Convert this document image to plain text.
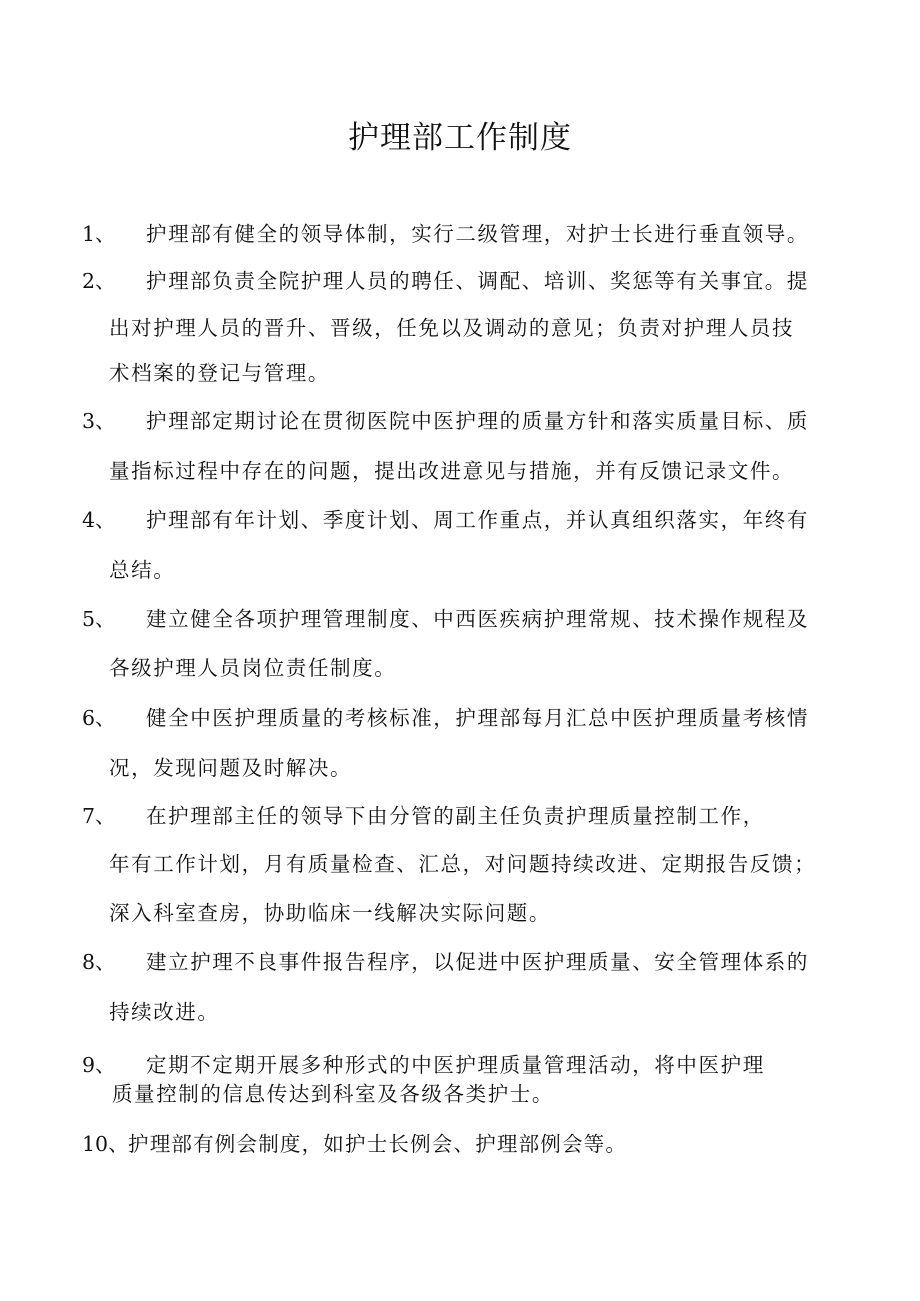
护理部工作制度
1、 护理部有健全的领导体制，实行二级管理，对护士长进行垂直领导。
2、 护理部负责全院护理人员的聘任、调配、培训、奖惩等有关事宜。提
出对护理人员的晋升、晋级，任免以及调动的意见；负责对护理人员技
术档案的登记与管理。
3、 护理部定期讨论在贯彻医院中医护理的质量方针和落实质量目标、质
量指标过程中存在的问题，提出改进意见与措施，并有反馈记录文件。
4、 护理部有年计划、季度计划、周工作重点，并认真组织落实，年终有
总结。
5、 建立健全各项护理管理制度、中西医疾病护理常规、技术操作规程及
各级护理人员岗位责任制度。
6、 健全中医护理质量的考核标准，护理部每月汇总中医护理质量考核情
况，发现问题及时解决。
7、 在护理部主任的领导下由分管的副主任负责护理质量控制工作，
年有工作计划，月有质量检查、汇总，对问题持续改进、定期报告反馈；
深入科室查房，协助临床一线解决实际问题。
8、 建立护理不良事件报告程序，以促进中医护理质量、安全管理体系的
持续改进。
9、 定期不定期开展多种形式的中医护理质量管理活动，将中医护理
质量控制的信息传达到科室及各级各类护士。
10、 护理部有例会制度，如护士长例会、护理部例会等。
